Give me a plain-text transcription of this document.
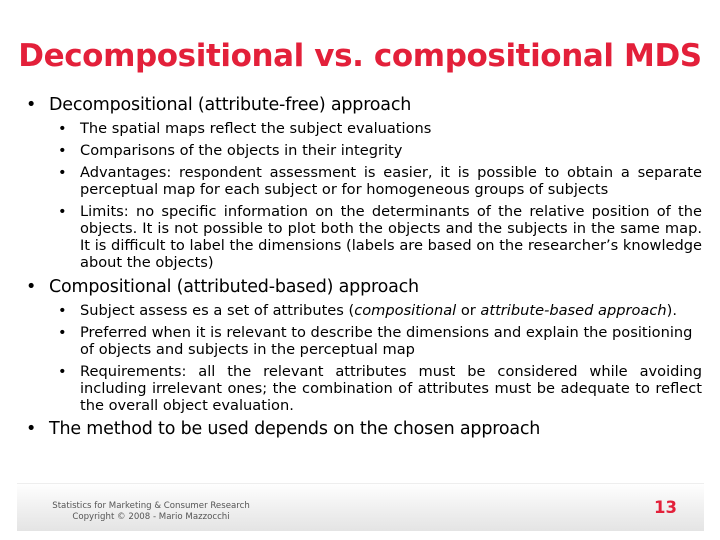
Decompositional vs. compositional MDS
• Decompositional (attribute-free) approach
• The spatial maps reflect the subject evaluations
• Comparisons of the objects in their integrity
• Advantages: respondent assessment is easier, it is possible to obtain a separate perceptual map for each subject or for homogeneous groups of subjects
• Limits: no specific information on the determinants of the relative position of the objects. It is not possible to plot both the objects and the subjects in the same map. It is difficult to label the dimensions (labels are based on the researcher’s knowledge about the objects)
• Compositional (attributed-based) approach
• Subject assess es a set of attributes (compositional or attribute-based approach).
• Preferred when it is relevant to describe the dimensions and explain the positioning of objects and subjects in the perceptual map
• Requirements: all the relevant attributes must be considered while avoiding including irrelevant ones; the combination of attributes must be adequate to reflect the overall object evaluation.
• The method to be used depends on the chosen approach
Statistics for Marketing & Consumer Research
Copyright © 2008 - Mario Mazzocchi	13
